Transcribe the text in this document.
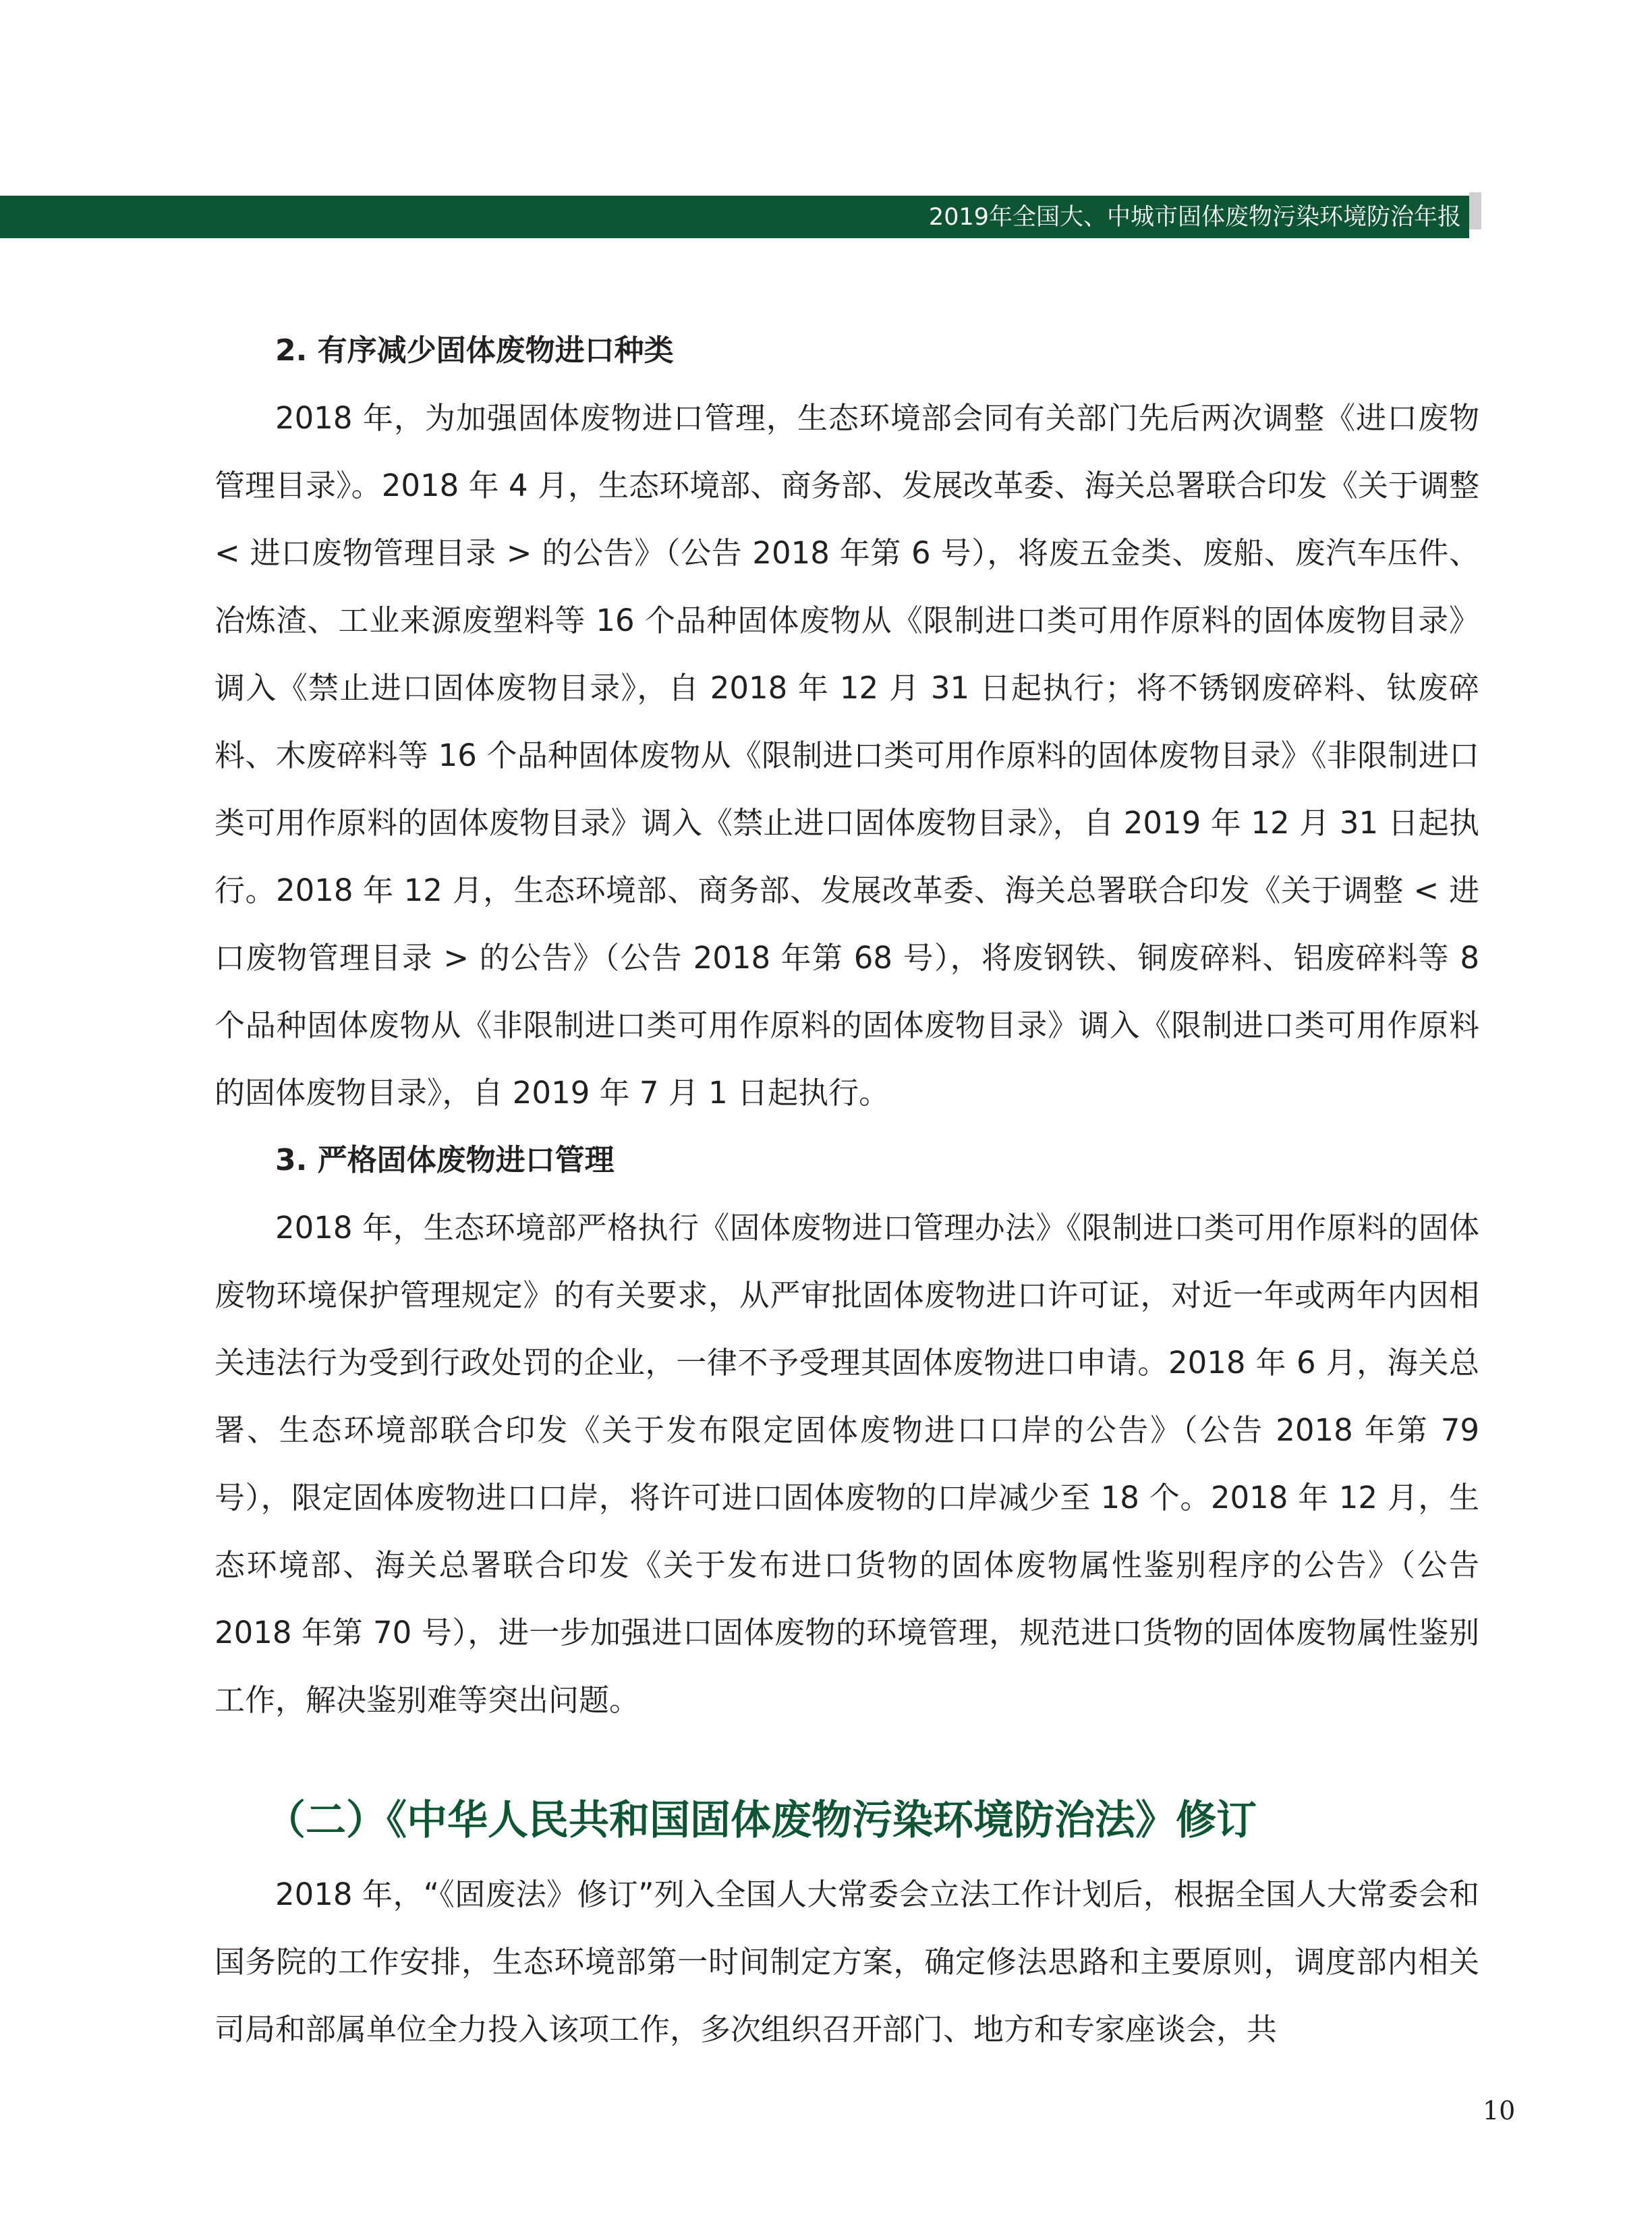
2019年全国大、中城市固体废物污染环境防治年报
2. 有序减少固体废物进口种类

2018 年，为加强固体废物进口管理，生态环境部会同有关部门先后两次调整《进口废物管理目录》。2018 年 4 月，生态环境部、商务部、发展改革委、海关总署联合印发《关于调整 < 进口废物管理目录 > 的公告》（公告 2018 年第 6 号），将废五金类、废船、废汽车压件、冶炼渣、工业来源废塑料等 16 个品种固体废物从《限制进口类可用作原料的固体废物目录》调入《禁止进口固体废物目录》，自 2018 年 12 月 31 日起执行；将不锈钢废碎料、钛废碎料、木废碎料等 16 个品种固体废物从《限制进口类可用作原料的固体废物目录》《非限制进口类可用作原料的固体废物目录》调入《禁止进口固体废物目录》，自 2019 年 12 月 31 日起执行。2018 年 12 月，生态环境部、商务部、发展改革委、海关总署联合印发《关于调整 < 进口废物管理目录 > 的公告》（公告 2018 年第 68 号），将废钢铁、铜废碎料、铝废碎料等 8 个品种固体废物从《非限制进口类可用作原料的固体废物目录》调入《限制进口类可用作原料的固体废物目录》，自 2019 年 7 月 1 日起执行。

3. 严格固体废物进口管理

2018 年，生态环境部严格执行《固体废物进口管理办法》《限制进口类可用作原料的固体废物环境保护管理规定》的有关要求，从严审批固体废物进口许可证，对近一年或两年内因相关违法行为受到行政处罚的企业，一律不予受理其固体废物进口申请。2018 年 6 月，海关总署、生态环境部联合印发《关于发布限定固体废物进口口岸的公告》（公告 2018 年第 79 号），限定固体废物进口口岸，将许可进口固体废物的口岸减少至 18 个。2018 年 12 月，生态环境部、海关总署联合印发《关于发布进口货物的固体废物属性鉴别程序的公告》（公告 2018 年第 70 号），进一步加强进口固体废物的环境管理，规范进口货物的固体废物属性鉴别工作，解决鉴别难等突出问题。

（二）《中华人民共和国固体废物污染环境防治法》修订

2018 年，“《固废法》修订”列入全国人大常委会立法工作计划后，根据全国人大常委会和国务院的工作安排，生态环境部第一时间制定方案，确定修法思路和主要原则，调度部内相关司局和部属单位全力投入该项工作，多次组织召开部门、地方和专家座谈会，共

10
